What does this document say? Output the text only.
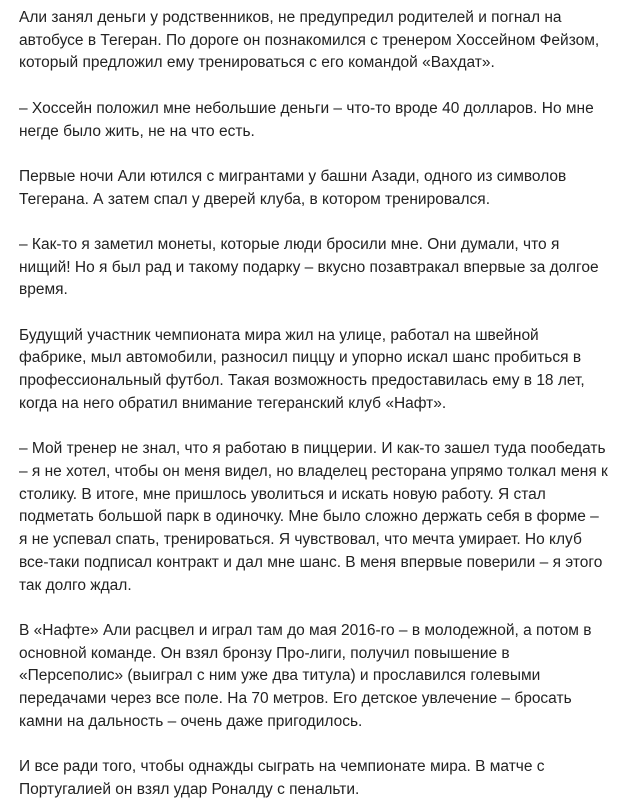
Али занял деньги у родственников, не предупредил родителей и погнал на автобусе в Тегеран. По дороге он познакомился с тренером Хоссейном Фейзом, который предложил ему тренироваться с его командой «Вахдат».

– Хоссейн положил мне небольшие деньги – что-то вроде 40 долларов. Но мне негде было жить, не на что есть.

Первые ночи Али ютился с мигрантами у башни Азади, одного из символов Тегерана. А затем спал у дверей клуба, в котором тренировался.

– Как-то я заметил монеты, которые люди бросили мне. Они думали, что я нищий! Но я был рад и такому подарку – вкусно позавтракал впервые за долгое время.

Будущий участник чемпионата мира жил на улице, работал на швейной фабрике, мыл автомобили, разносил пиццу и упорно искал шанс пробиться в профессиональный футбол. Такая возможность предоставилась ему в 18 лет, когда на него обратил внимание тегеранский клуб «Нафт».

– Мой тренер не знал, что я работаю в пиццерии. И как-то зашел туда пообедать – я не хотел, чтобы он меня видел, но владелец ресторана упрямо толкал меня к столику. В итоге, мне пришлось уволиться и искать новую работу. Я стал подметать большой парк в одиночку. Мне было сложно держать себя в форме – я не успевал спать, тренироваться. Я чувствовал, что мечта умирает. Но клуб все-таки подписал контракт и дал мне шанс. В меня впервые поверили – я этого так долго ждал.

В «Нафте» Али расцвел и играл там до мая 2016-го – в молодежной, а потом в основной команде. Он взял бронзу Про-лиги, получил повышение в «Персеполис» (выиграл с ним уже два титула) и прославился голевыми передачами через все поле. На 70 метров. Его детское увлечение – бросать камни на дальность – очень даже пригодилось.

И все ради того, чтобы однажды сыграть на чемпионате мира. В матче с Португалией он взял удар Роналду с пенальти.
